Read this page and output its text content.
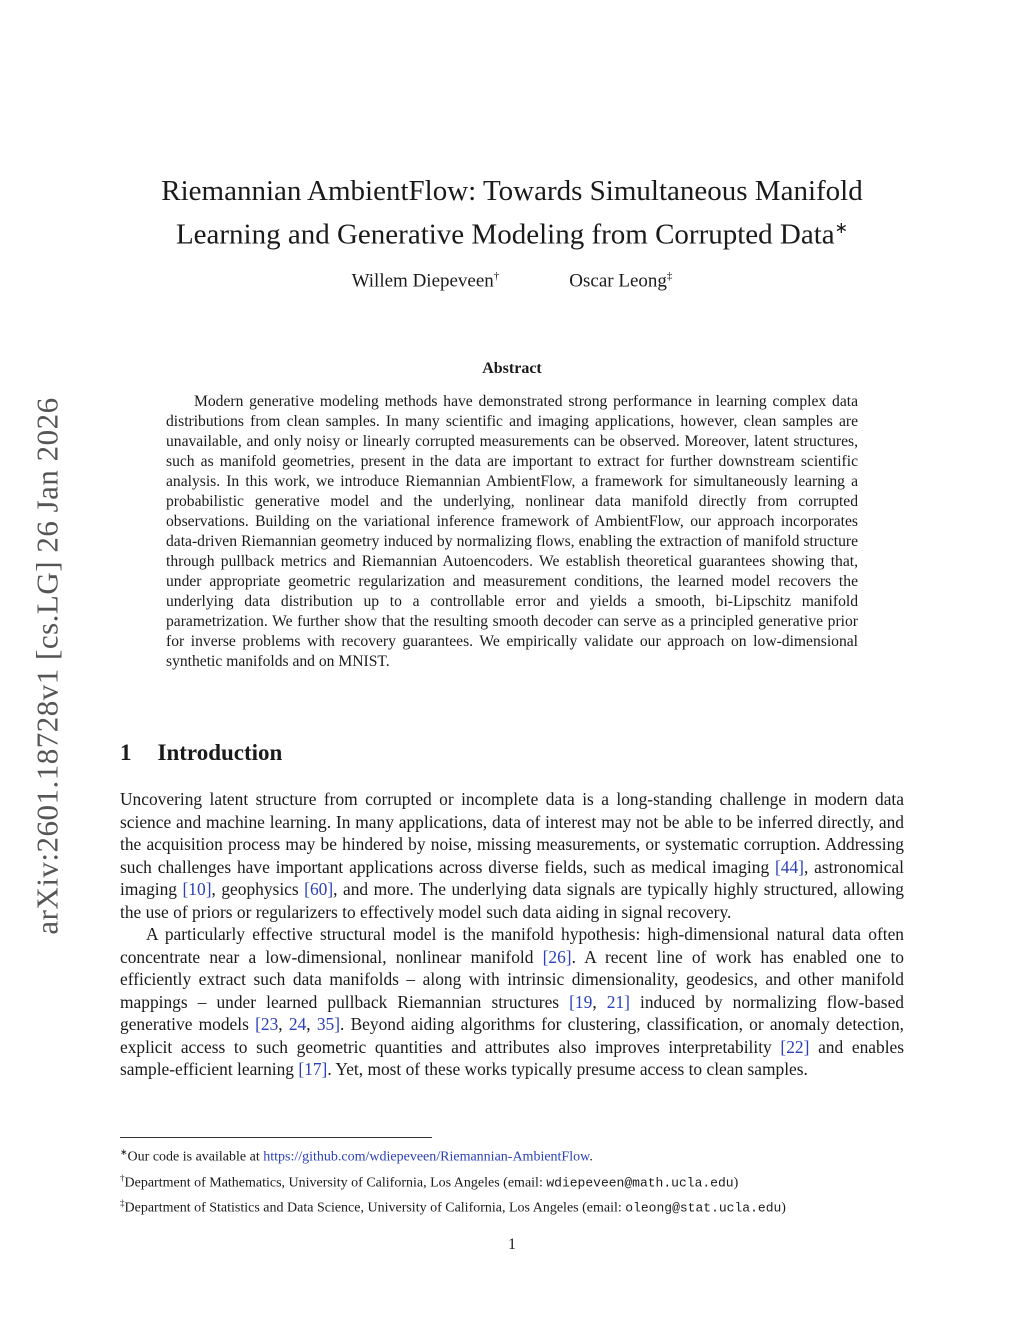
arXiv:2601.18728v1 [cs.LG] 26 Jan 2026
Riemannian AmbientFlow: Towards Simultaneous Manifold
Learning and Generative Modeling from Corrupted Data∗
Willem Diepeveen†	Oscar Leong‡
Abstract
Modern generative modeling methods have demonstrated strong performance in learning complex data distributions from clean samples. In many scientific and imaging applications, however, clean samples are unavailable, and only noisy or linearly corrupted measurements can be observed. Moreover, latent structures, such as manifold geometries, present in the data are important to extract for further downstream scientific analysis. In this work, we introduce Riemannian AmbientFlow, a framework for simultaneously learning a probabilistic generative model and the underlying, nonlinear data manifold directly from corrupted observations. Building on the variational inference framework of AmbientFlow, our approach incorporates data-driven Riemannian geometry induced by normalizing flows, enabling the extraction of manifold structure through pullback metrics and Riemannian Autoencoders. We establish theoretical guarantees showing that, under appropriate geometric regularization and measurement conditions, the learned model recovers the underlying data distribution up to a controllable error and yields a smooth, bi-Lipschitz manifold parametrization. We further show that the resulting smooth decoder can serve as a principled generative prior for inverse problems with recovery guarantees. We empirically validate our approach on low-dimensional synthetic manifolds and on MNIST.
1 Introduction

Uncovering latent structure from corrupted or incomplete data is a long-standing challenge in modern data science and machine learning. In many applications, data of interest may not be able to be inferred directly, and the acquisition process may be hindered by noise, missing measurements, or systematic corruption. Addressing such challenges have important applications across diverse fields, such as medical imaging [44], astronomical imaging [10], geophysics [60], and more. The underlying data signals are typically highly structured, allowing the use of priors or regularizers to effectively model such data aiding in signal recovery.

A particularly effective structural model is the manifold hypothesis: high-dimensional natural data often concentrate near a low-dimensional, nonlinear manifold [26]. A recent line of work has enabled one to efficiently extract such data manifolds – along with intrinsic dimensionality, geodesics, and other manifold mappings – under learned pullback Riemannian structures [19, 21] induced by normalizing flow-based generative models [23, 24, 35]. Beyond aiding algorithms for clustering, classification, or anomaly detection, explicit access to such geometric quantities and attributes also improves interpretability [22] and enables sample-efficient learning [17]. Yet, most of these works typically presume access to clean samples.

∗Our code is available at https://github.com/wdiepeveen/Riemannian-AmbientFlow.
†Department of Mathematics, University of California, Los Angeles (email: wdiepeveen@math.ucla.edu)
‡Department of Statistics and Data Science, University of California, Los Angeles (email: oleong@stat.ucla.edu)
1
